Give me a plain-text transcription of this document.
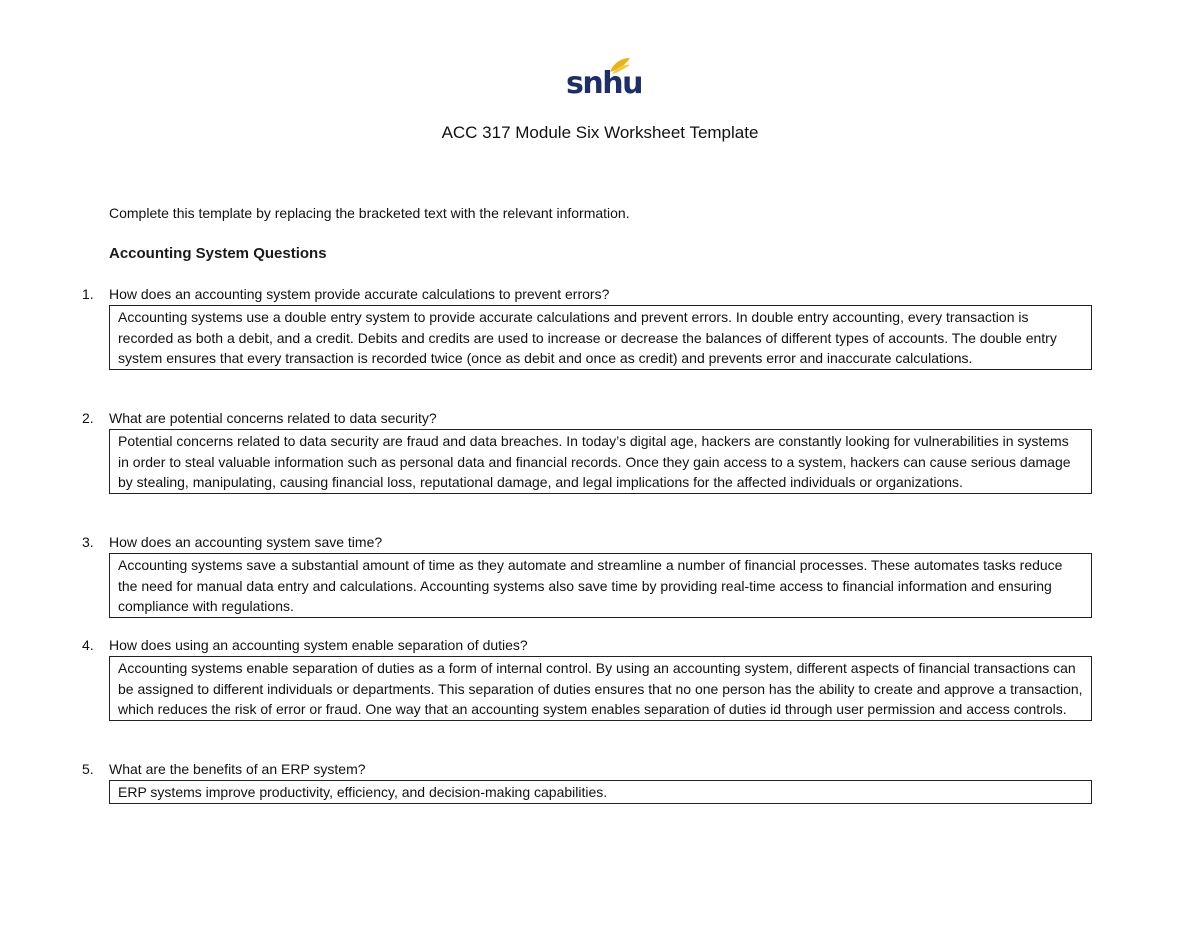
snhu
ACC 317 Module Six Worksheet Template
Complete this template by replacing the bracketed text with the relevant information.
Accounting System Questions
1.	How does an accounting system provide accurate calculations to prevent errors?
Accounting systems use a double entry system to provide accurate calculations and prevent errors. In double entry accounting, every transaction is recorded as both a debit, and a credit. Debits and credits are used to increase or decrease the balances of different types of accounts. The double entry system ensures that every transaction is recorded twice (once as debit and once as credit) and prevents error and inaccurate calculations.
2.	What are potential concerns related to data security?
Potential concerns related to data security are fraud and data breaches. In today’s digital age, hackers are constantly looking for vulnerabilities in systems in order to steal valuable information such as personal data and financial records. Once they gain access to a system, hackers can cause serious damage by stealing, manipulating, causing financial loss, reputational damage, and legal implications for the affected individuals or organizations.
3.	How does an accounting system save time?
Accounting systems save a substantial amount of time as they automate and streamline a number of financial processes. These automates tasks reduce the need for manual data entry and calculations. Accounting systems also save time by providing real-time access to financial information and ensuring compliance with regulations.
4.	How does using an accounting system enable separation of duties?
Accounting systems enable separation of duties as a form of internal control. By using an accounting system, different aspects of financial transactions can be assigned to different individuals or departments. This separation of duties ensures that no one person has the ability to create and approve a transaction, which reduces the risk of error or fraud. One way that an accounting system enables separation of duties id through user permission and access controls.
5.	What are the benefits of an ERP system?
ERP systems improve productivity, efficiency, and decision-making capabilities.
